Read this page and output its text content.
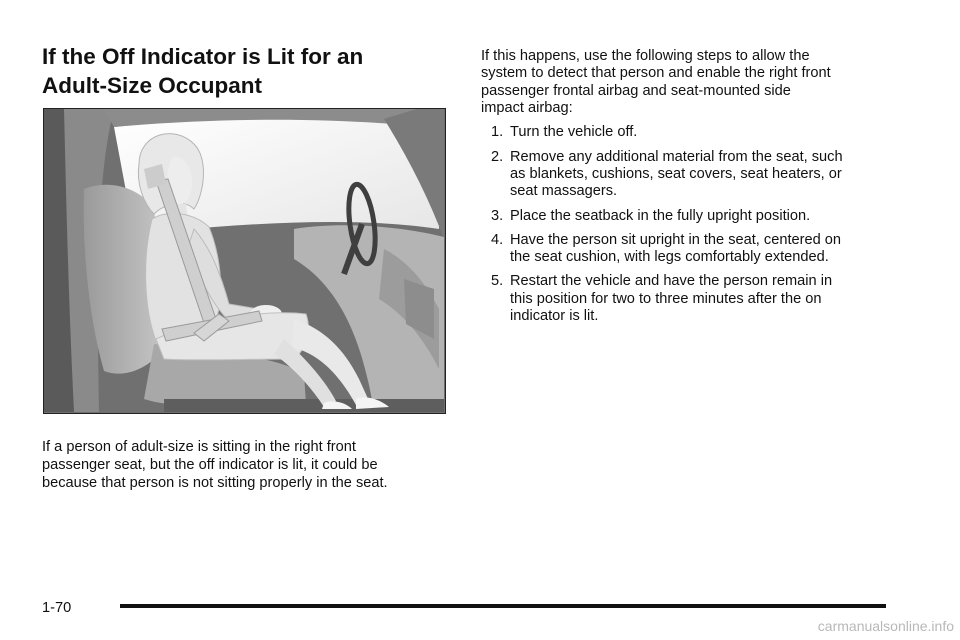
If the Off Indicator is Lit for an
Adult-Size Occupant
If a person of adult-size is sitting in the right front
passenger seat, but the off indicator is lit, it could be
because that person is not sitting properly in the seat.
If this happens, use the following steps to allow the
system to detect that person and enable the right front
passenger frontal airbag and seat-mounted side
impact airbag:
1. Turn the vehicle off.
2. Remove any additional material from the seat, such
as blankets, cushions, seat covers, seat heaters, or
seat massagers.
3. Place the seatback in the fully upright position.
4. Have the person sit upright in the seat, centered on
the seat cushion, with legs comfortably extended.
5. Restart the vehicle and have the person remain in
this position for two to three minutes after the on
indicator is lit.
1-70
carmanualsonline.info
